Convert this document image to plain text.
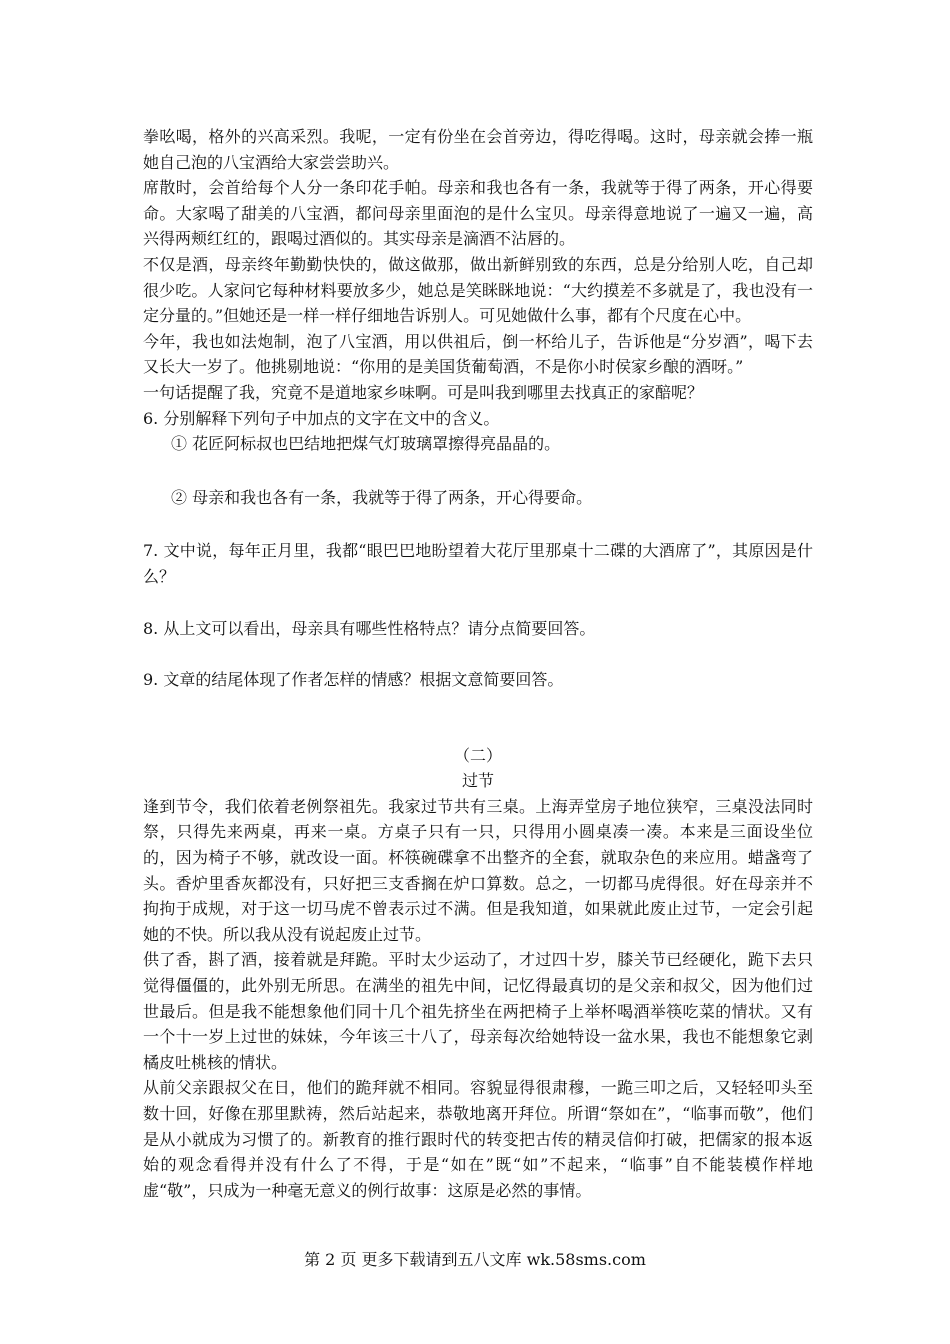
拳吆喝，格外的兴高采烈。我呢，一定有份坐在会首旁边，得吃得喝。这时，母亲就会捧一瓶她自己泡的八宝酒给大家尝尝助兴。

席散时，会首给每个人分一条印花手帕。母亲和我也各有一条，我就等于得了两条，开心得要命。大家喝了甜美的八宝酒，都问母亲里面泡的是什么宝贝。母亲得意地说了一遍又一遍，高兴得两颊红红的，跟喝过酒似的。其实母亲是滴酒不沾唇的。

不仅是酒，母亲终年勤勤快快的，做这做那，做出新鲜别致的东西，总是分给别人吃，自己却很少吃。人家问它每种材料要放多少，她总是笑眯眯地说：“大约摸差不多就是了，我也没有一定分量的。”但她还是一样一样仔细地告诉别人。可见她做什么事，都有个尺度在心中。

今年，我也如法炮制，泡了八宝酒，用以供祖后，倒一杯给儿子，告诉他是“分岁酒”，喝下去又长大一岁了。他挑剔地说：“你用的是美国货葡萄酒，不是你小时侯家乡酿的酒呀。”

一句话提醒了我，究竟不是道地家乡味啊。可是叫我到哪里去找真正的家醅呢？

6. 分别解释下列句子中加点的文字在文中的含义。

① 花匠阿标叔也巴结地把煤气灯玻璃罩擦得亮晶晶的。

② 母亲和我也各有一条，我就等于得了两条，开心得要命。

7. 文中说，每年正月里，我都“眼巴巴地盼望着大花厅里那桌十二碟的大酒席了”，其原因是什么？

8. 从上文可以看出，母亲具有哪些性格特点？请分点简要回答。

9. 文章的结尾体现了作者怎样的情感？根据文意简要回答。

（二）

过节

逢到节令，我们依着老例祭祖先。我家过节共有三桌。上海弄堂房子地位狭窄，三桌没法同时祭，只得先来两桌，再来一桌。方桌子只有一只，只得用小圆桌凑一凑。本来是三面设坐位的，因为椅子不够，就改设一面。杯筷碗碟拿不出整齐的全套，就取杂色的来应用。蜡盏弯了头。香炉里香灰都没有，只好把三支香搁在炉口算数。总之，一切都马虎得很。好在母亲并不拘拘于成规，对于这一切马虎不曾表示过不满。但是我知道，如果就此废止过节，一定会引起她的不快。所以我从没有说起废止过节。

供了香，斟了酒，接着就是拜跪。平时太少运动了，才过四十岁，膝关节已经硬化，跪下去只觉得僵僵的，此外别无所思。在满坐的祖先中间，记忆得最真切的是父亲和叔父，因为他们过世最后。但是我不能想象他们同十几个祖先挤坐在两把椅子上举杯喝酒举筷吃菜的情状。又有一个十一岁上过世的妹妹，今年该三十八了，母亲每次给她特设一盆水果，我也不能想象它剥橘皮吐桃核的情状。

从前父亲跟叔父在日，他们的跪拜就不相同。容貌显得很肃穆，一跪三叩之后，又轻轻叩头至数十回，好像在那里默祷，然后站起来，恭敬地离开拜位。所谓“祭如在”，“临事而敬”，他们是从小就成为习惯了的。新教育的推行跟时代的转变把古传的精灵信仰打破，把儒家的报本返始的观念看得并没有什么了不得，于是“如在”既“如”不起来，“临事”自不能装模作样地虚“敬”，只成为一种毫无意义的例行故事：这原是必然的事情。

第 2 页 更多下载请到五八文库 wk.58sms.com
